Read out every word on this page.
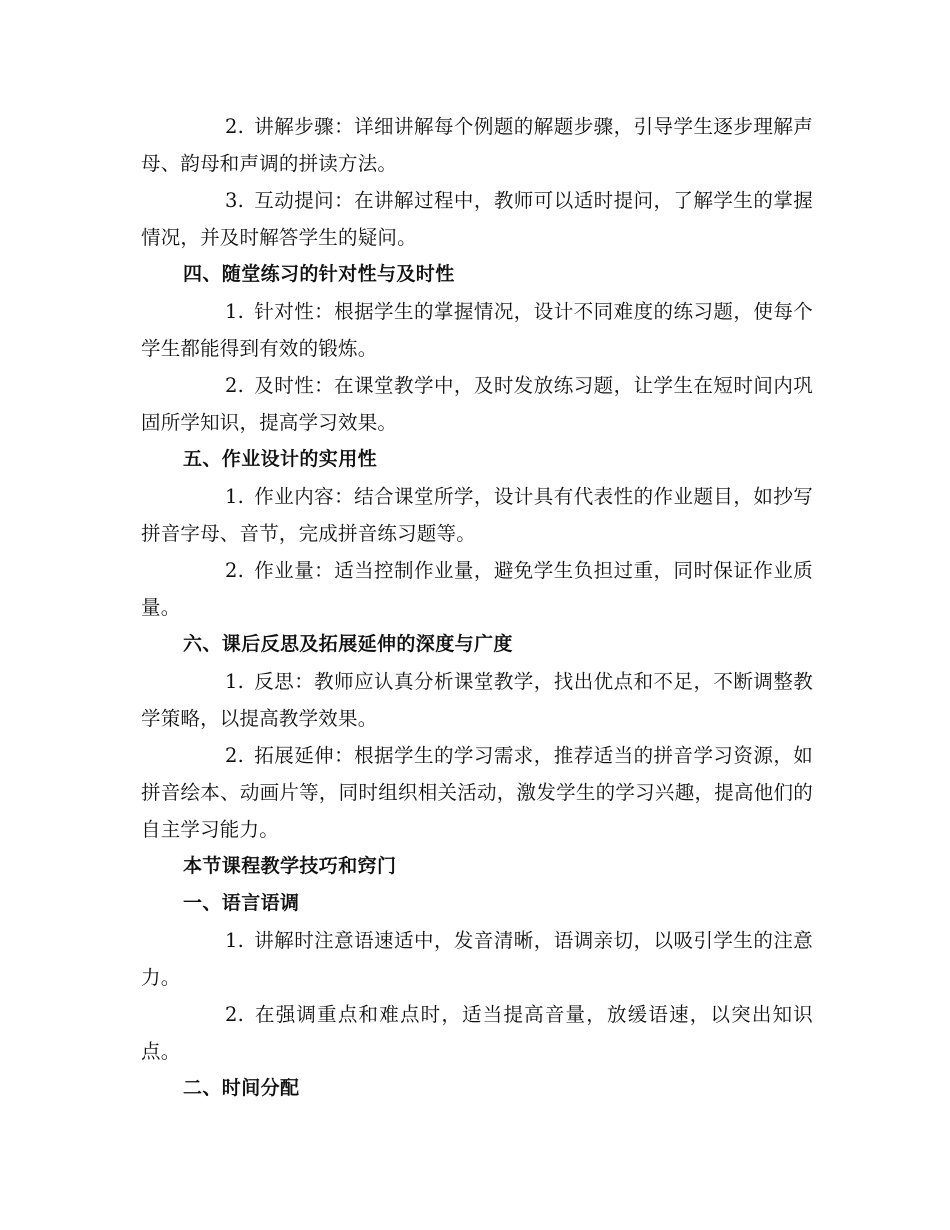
2. 讲解步骤：详细讲解每个例题的解题步骤，引导学生逐步理解声母、韵母和声调的拼读方法。

3. 互动提问：在讲解过程中，教师可以适时提问，了解学生的掌握情况，并及时解答学生的疑问。

四、随堂练习的针对性与及时性

1. 针对性：根据学生的掌握情况，设计不同难度的练习题，使每个学生都能得到有效的锻炼。

2. 及时性：在课堂教学中，及时发放练习题，让学生在短时间内巩固所学知识，提高学习效果。

五、作业设计的实用性

1. 作业内容：结合课堂所学，设计具有代表性的作业题目，如抄写拼音字母、音节，完成拼音练习题等。

2. 作业量：适当控制作业量，避免学生负担过重，同时保证作业质量。

六、课后反思及拓展延伸的深度与广度

1. 反思：教师应认真分析课堂教学，找出优点和不足，不断调整教学策略，以提高教学效果。

2. 拓展延伸：根据学生的学习需求，推荐适当的拼音学习资源，如拼音绘本、动画片等，同时组织相关活动，激发学生的学习兴趣，提高他们的自主学习能力。

本节课程教学技巧和窍门

一、语言语调

1. 讲解时注意语速适中，发音清晰，语调亲切，以吸引学生的注意力。

2. 在强调重点和难点时，适当提高音量，放缓语速，以突出知识点。

二、时间分配
